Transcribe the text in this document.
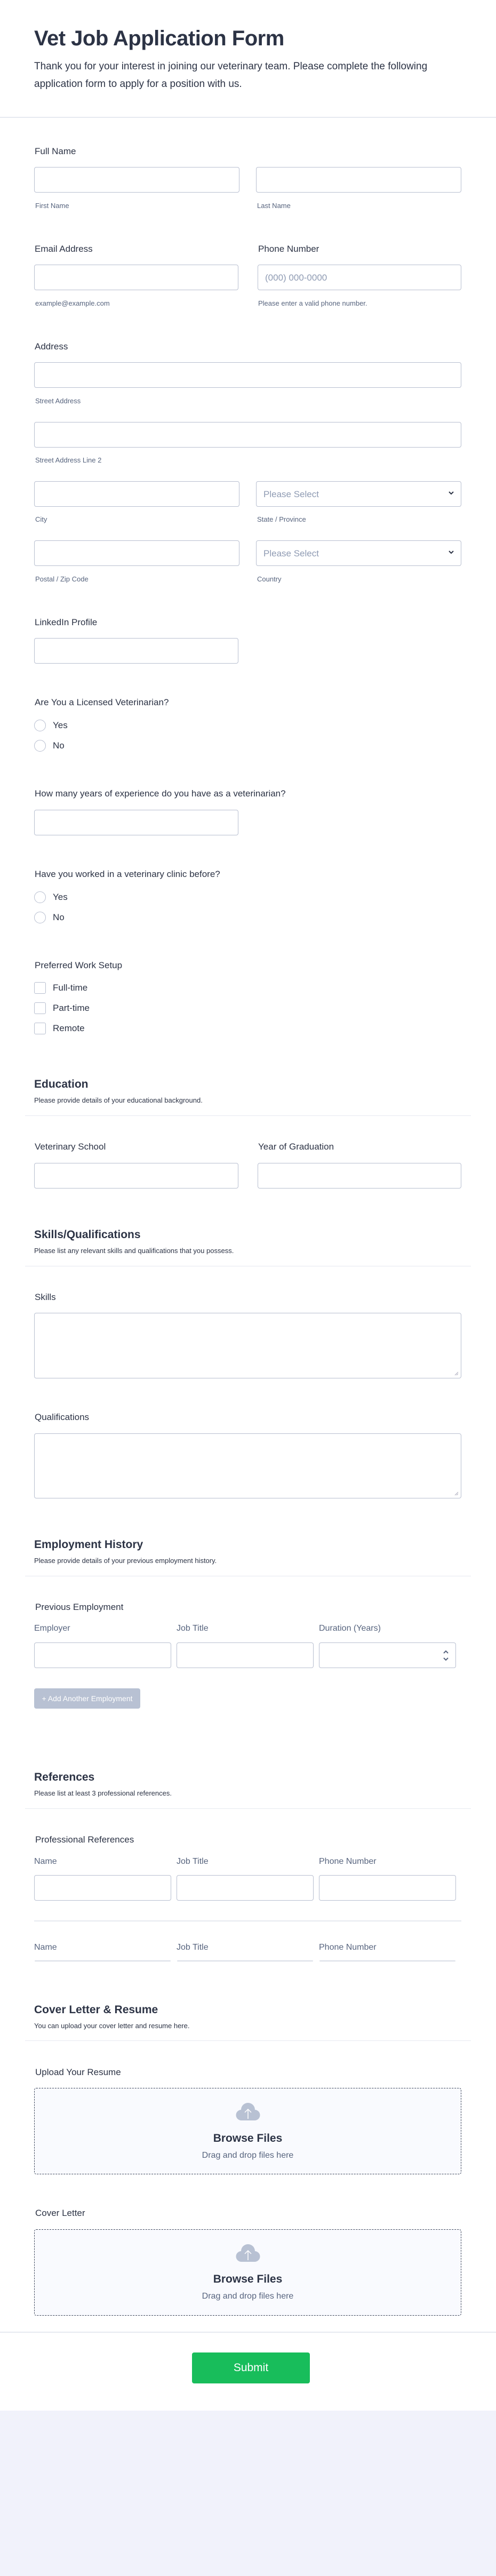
Vet Job Application Form
Thank you for your interest in joining our veterinary team. Please complete the following application form to apply for a position with us.
Full Name
First Name	Last Name
Email Address	Phone Number
(000) 000-0000
example@example.com	Please enter a valid phone number.
Address
Street Address
Street Address Line 2
Please Select
City	State / Province
Please Select
Postal / Zip Code	Country
LinkedIn Profile
Are You a Licensed Veterinarian?
Yes
No
How many years of experience do you have as a veterinarian?
Have you worked in a veterinary clinic before?
Yes
No
Preferred Work Setup
Full-time
Part-time
Remote
Education
Please provide details of your educational background.
Veterinary School	Year of Graduation
Skills/Qualifications
Please list any relevant skills and qualifications that you possess.
Skills
Qualifications
Employment History
Please provide details of your previous employment history.
Previous Employment
Employer	Job Title	Duration (Years)
+ Add Another Employment
References
Please list at least 3 professional references.
Professional References
Name	Job Title	Phone Number
Name	Job Title	Phone Number
Cover Letter & Resume
You can upload your cover letter and resume here.
Upload Your Resume
Browse Files
Drag and drop files here
Cover Letter
Browse Files
Drag and drop files here
Submit
